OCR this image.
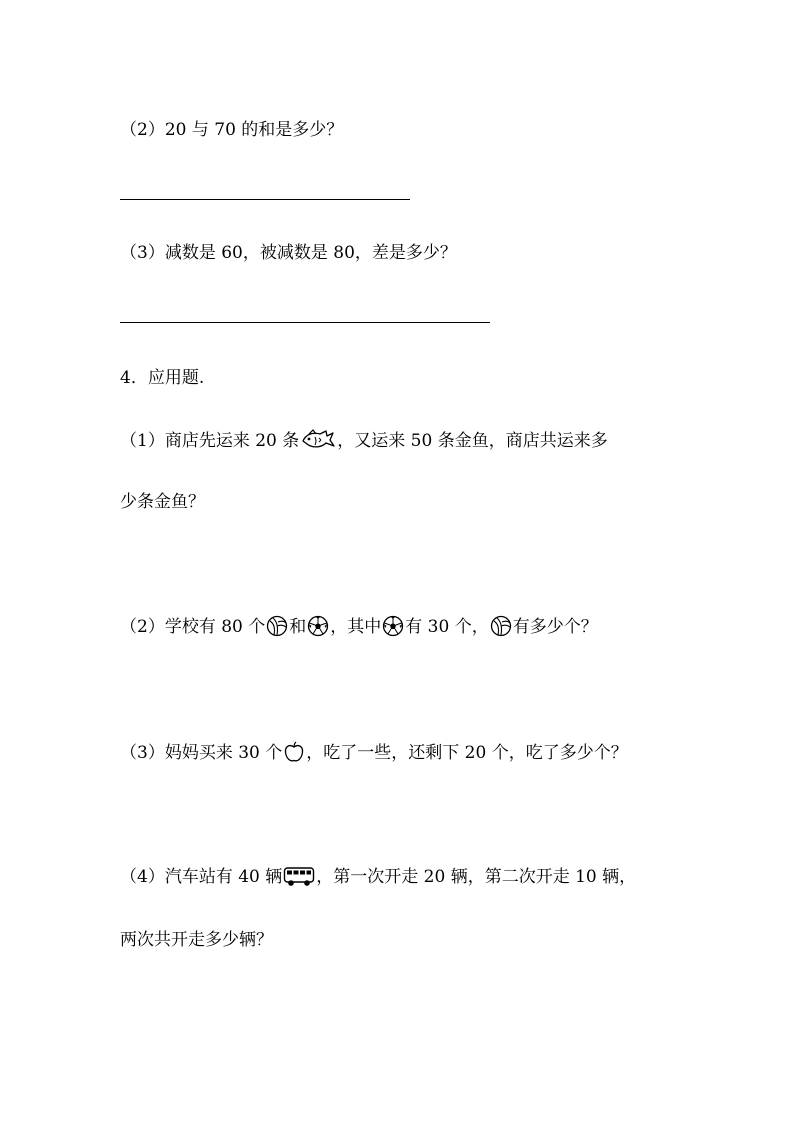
（2）20 与 70 的和是多少？
（3）减数是 60，被减数是 80，差是多少？
4．应用题.
（1）商店先运来 20 条 ，又运来 50 条金鱼，商店共运来多
少条金鱼？
（2）学校有 80 个 和 ，其中 有 30 个， 有多少个？
（3）妈妈买来 30 个 ，吃了一些，还剩下 20 个，吃了多少个？
（4）汽车站有 40 辆 ，第一次开走 20 辆，第二次开走 10 辆，
两次共开走多少辆？
